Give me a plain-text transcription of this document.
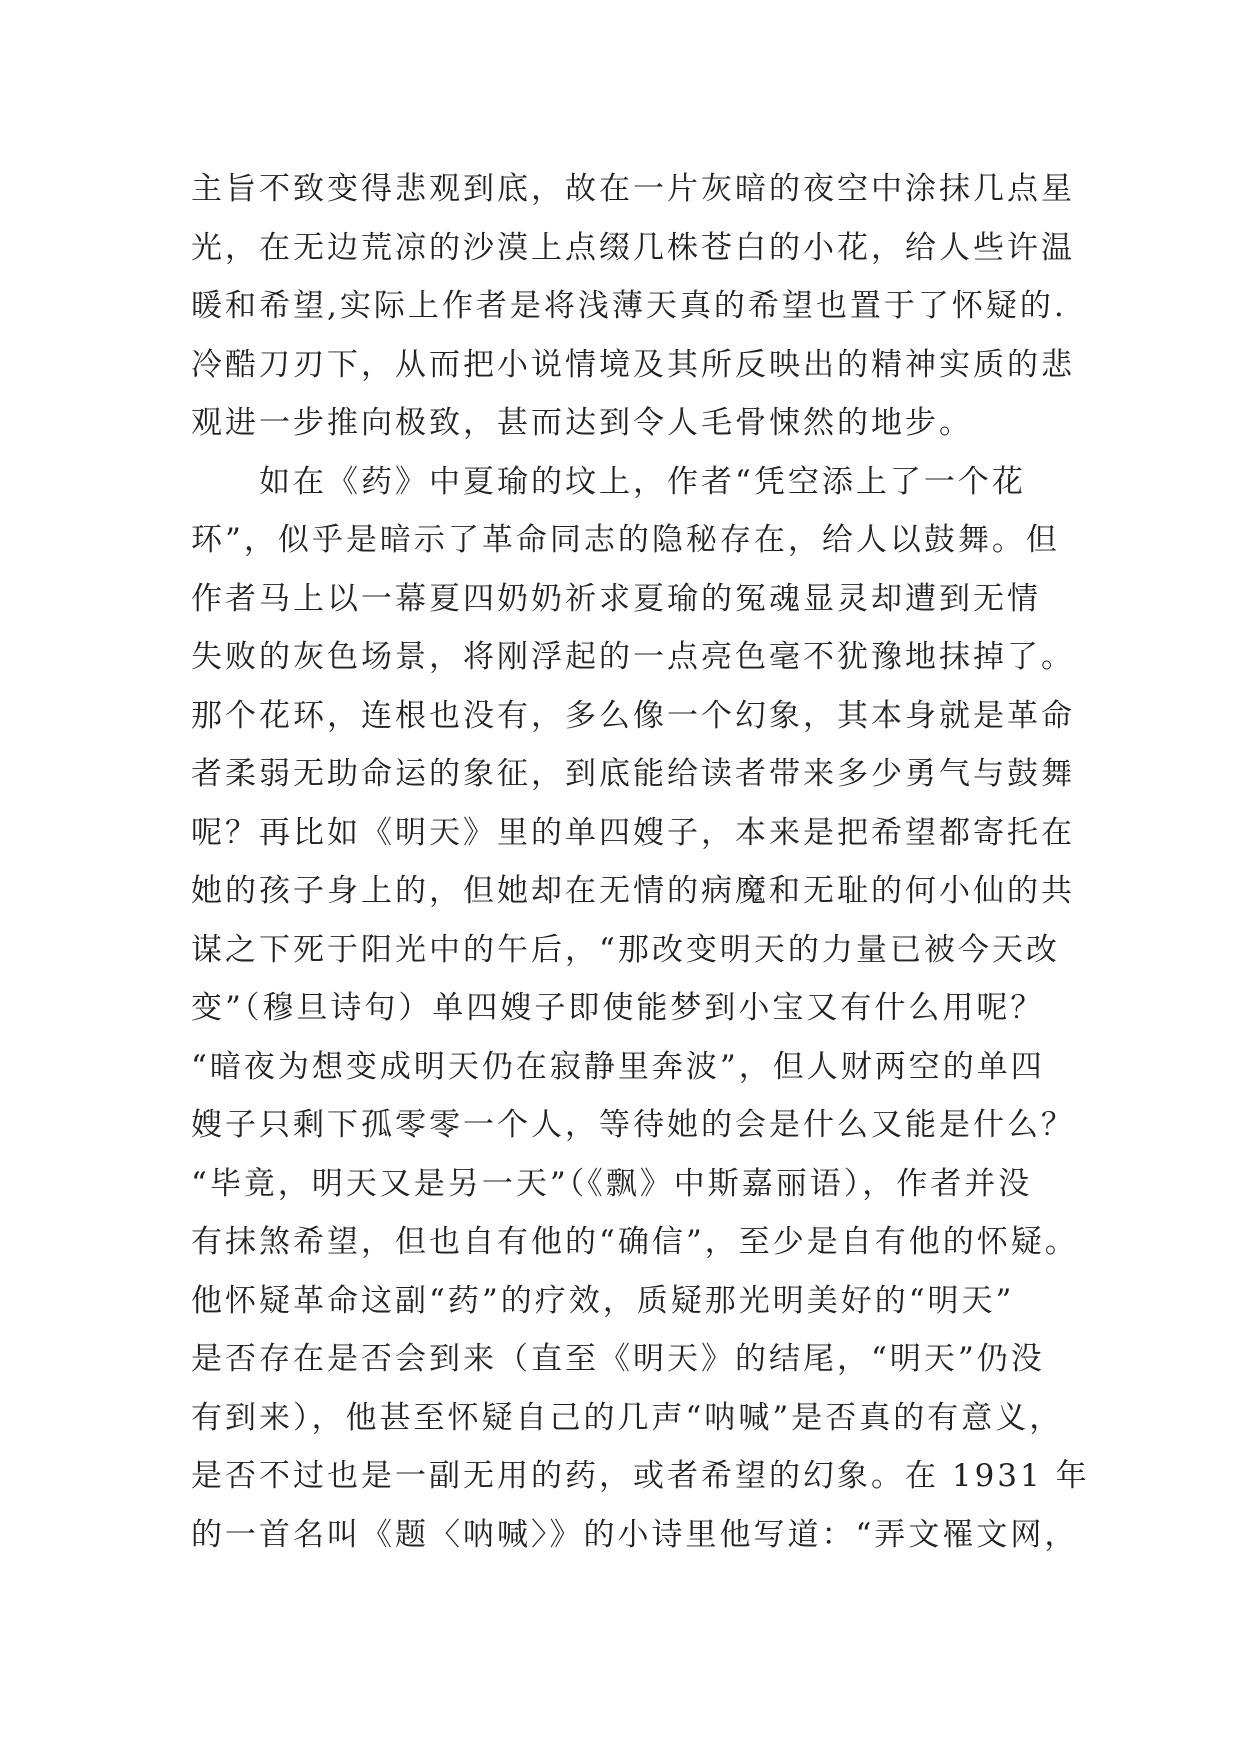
主旨不致变得悲观到底，故在一片灰暗的夜空中涂抹几点星
光，在无边荒凉的沙漠上点缀几株苍白的小花，给人些许温
暖和希望,实际上作者是将浅薄天真的希望也置于了怀疑的.
冷酷刀刃下，从而把小说情境及其所反映出的精神实质的悲
观进一步推向极致，甚而达到令人毛骨悚然的地步。
　　如在《药》中夏瑜的坟上，作者“凭空添上了一个花
环”，似乎是暗示了革命同志的隐秘存在，给人以鼓舞。但
作者马上以一幕夏四奶奶祈求夏瑜的冤魂显灵却遭到无情
失败的灰色场景，将刚浮起的一点亮色毫不犹豫地抹掉了。
那个花环，连根也没有，多么像一个幻象，其本身就是革命
者柔弱无助命运的象征，到底能给读者带来多少勇气与鼓舞
呢？再比如《明天》里的单四嫂子，本来是把希望都寄托在
她的孩子身上的，但她却在无情的病魔和无耻的何小仙的共
谋之下死于阳光中的午后，“那改变明天的力量已被今天改
变”（穆旦诗句）单四嫂子即使能梦到小宝又有什么用呢？
“暗夜为想变成明天仍在寂静里奔波”，但人财两空的单四
嫂子只剩下孤零零一个人，等待她的会是什么又能是什么？
“毕竟，明天又是另一天”（《飘》中斯嘉丽语），作者并没
有抹煞希望，但也自有他的“确信”，至少是自有他的怀疑。
他怀疑革命这副“药”的疗效，质疑那光明美好的“明天”
是否存在是否会到来（直至《明天》的结尾，“明天”仍没
有到来），他甚至怀疑自己的几声“呐喊”是否真的有意义，
是否不过也是一副无用的药，或者希望的幻象。在 1931 年
的一首名叫《题〈呐喊〉》的小诗里他写道：“弄文罹文网，
